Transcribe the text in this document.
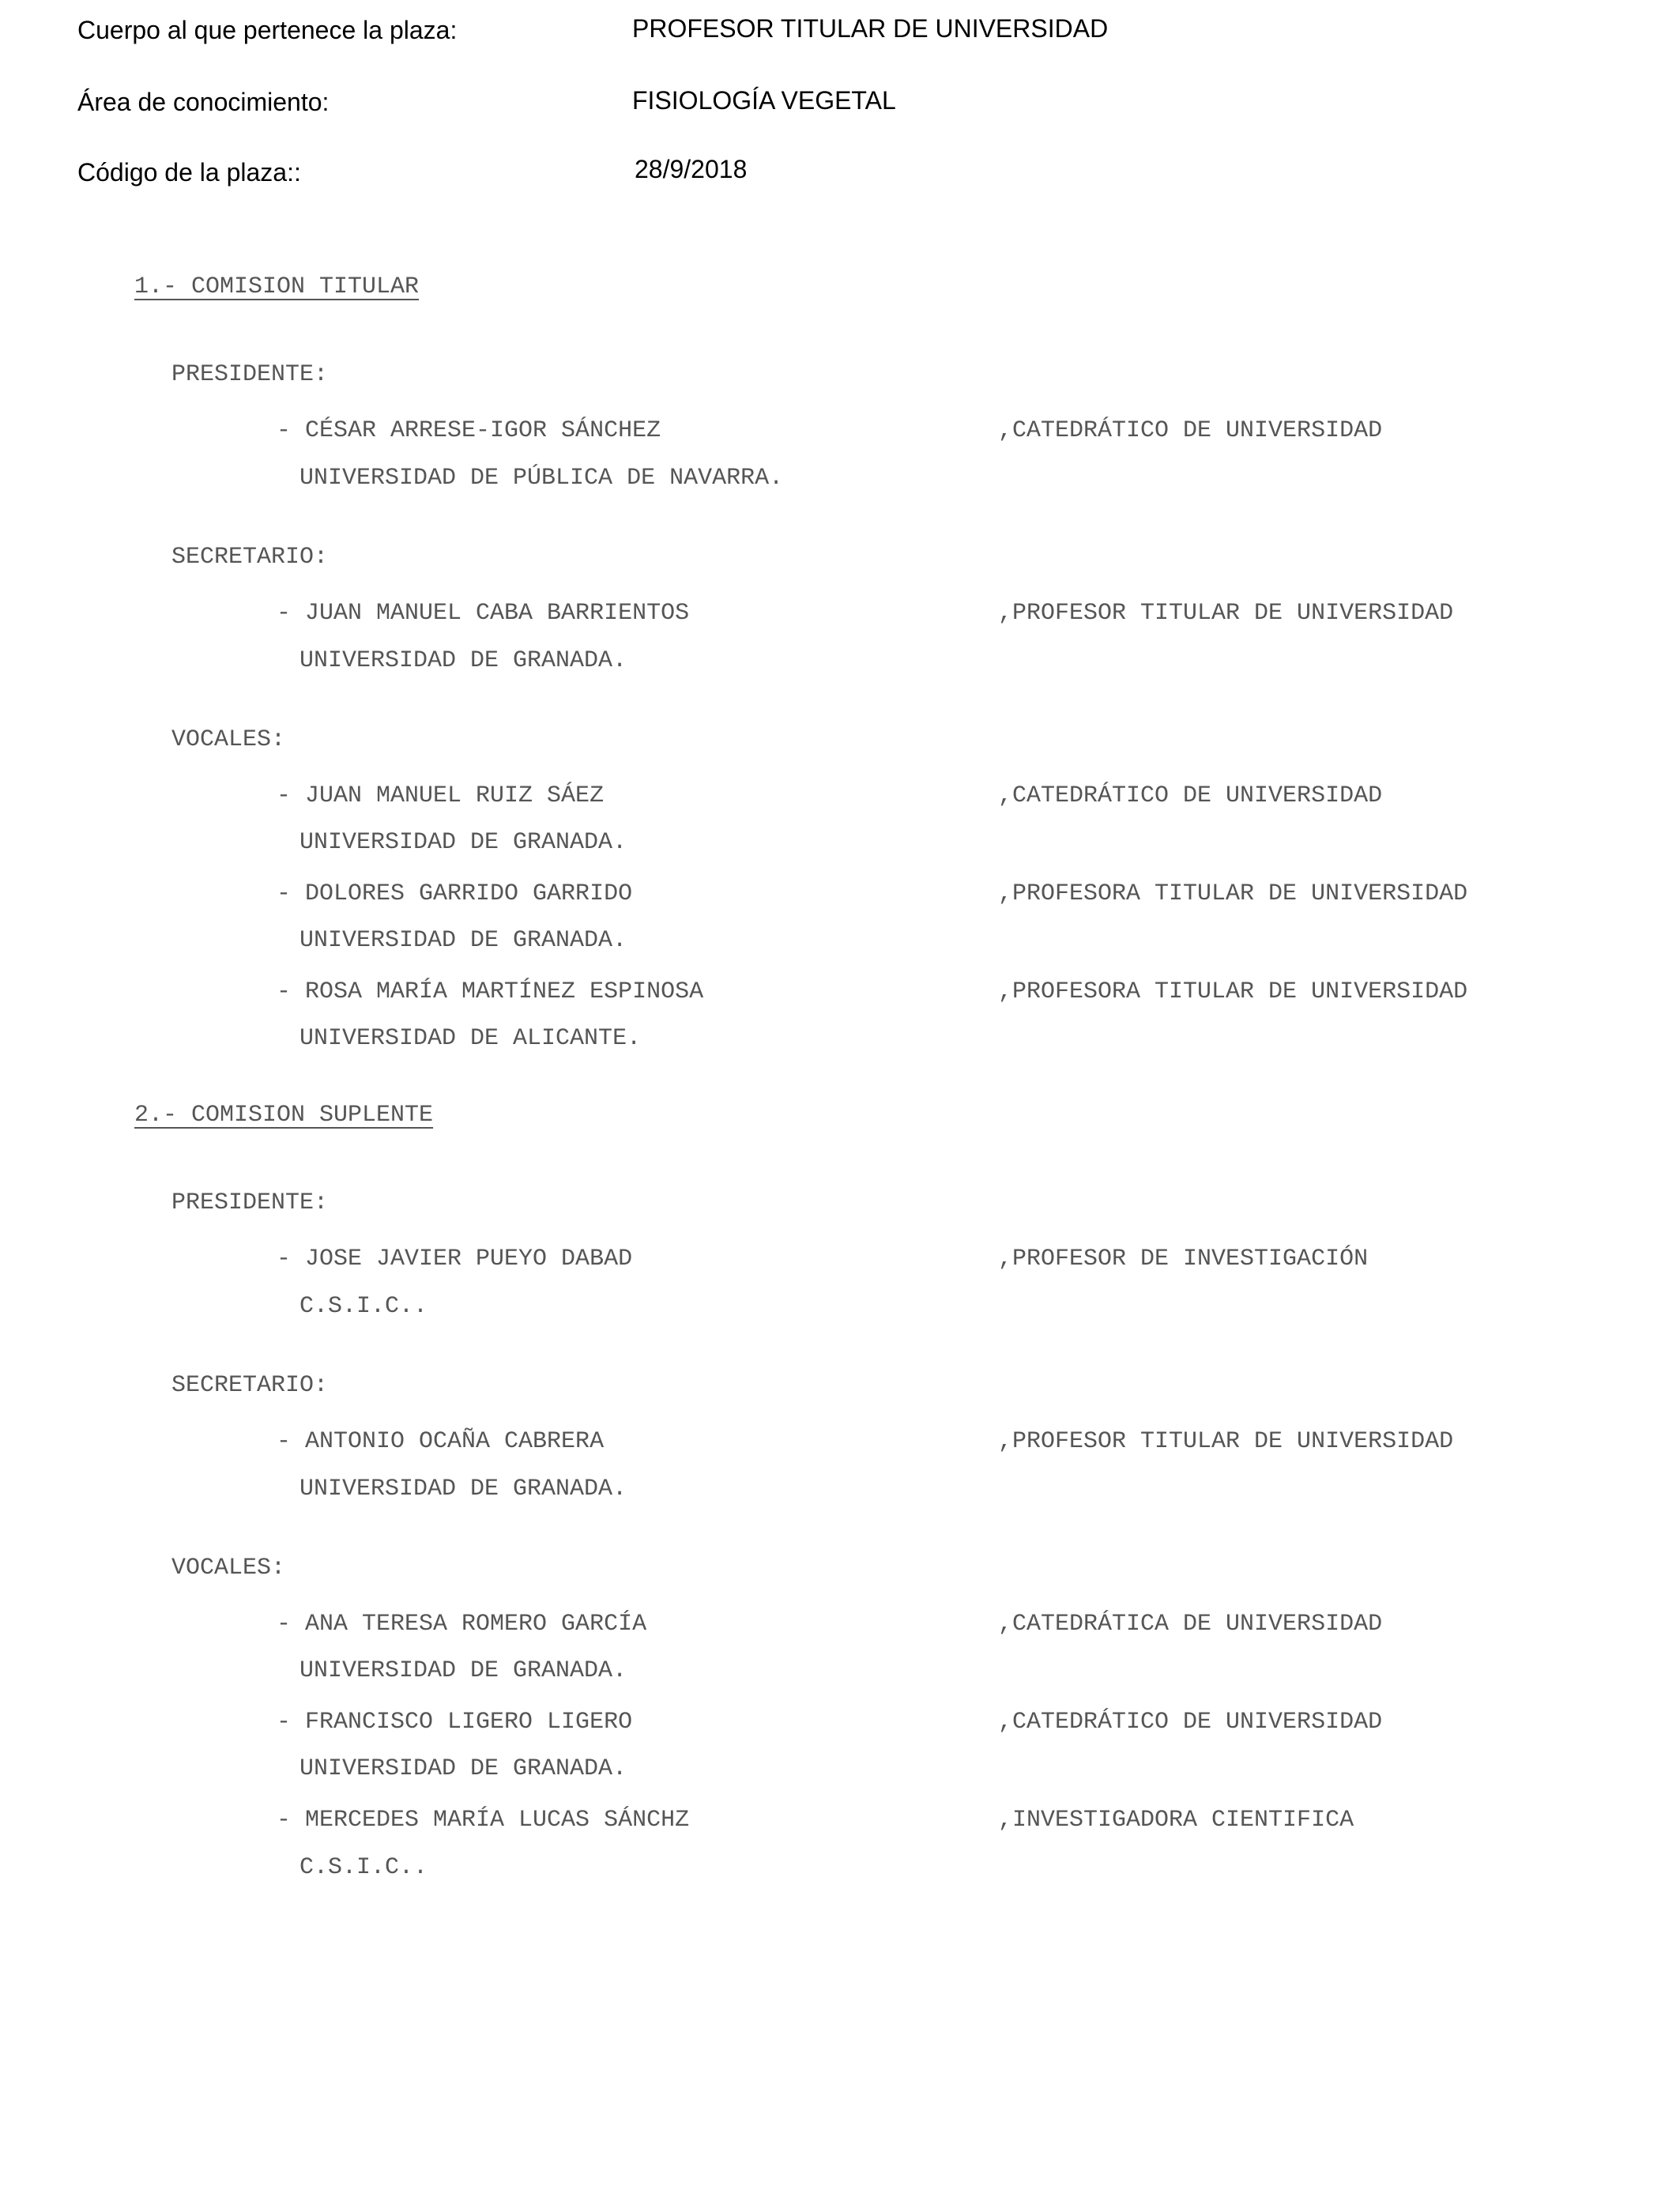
Cuerpo al que pertenece la plaza:	PROFESOR TITULAR DE UNIVERSIDAD
Área de conocimiento:	FISIOLOGÍA VEGETAL
Código de la plaza::	28/9/2018
1.- COMISION TITULAR
PRESIDENTE:
- CÉSAR ARRESE-IGOR SÁNCHEZ	,CATEDRÁTICO DE UNIVERSIDAD
UNIVERSIDAD DE PÚBLICA DE NAVARRA.
SECRETARIO:
- JUAN MANUEL CABA BARRIENTOS	,PROFESOR TITULAR DE UNIVERSIDAD
UNIVERSIDAD DE GRANADA.
VOCALES:
- JUAN MANUEL RUIZ SÁEZ	,CATEDRÁTICO DE UNIVERSIDAD
UNIVERSIDAD DE GRANADA.
- DOLORES GARRIDO GARRIDO	,PROFESORA TITULAR DE UNIVERSIDAD
UNIVERSIDAD DE GRANADA.
- ROSA MARÍA MARTÍNEZ ESPINOSA	,PROFESORA TITULAR DE UNIVERSIDAD
UNIVERSIDAD DE ALICANTE.
2.- COMISION SUPLENTE
PRESIDENTE:
- JOSE JAVIER PUEYO DABAD	,PROFESOR DE INVESTIGACIÓN
C.S.I.C..
SECRETARIO:
- ANTONIO OCAÑA CABRERA	,PROFESOR TITULAR DE UNIVERSIDAD
UNIVERSIDAD DE GRANADA.
VOCALES:
- ANA TERESA ROMERO GARCÍA	,CATEDRÁTICA DE UNIVERSIDAD
UNIVERSIDAD DE GRANADA.
- FRANCISCO LIGERO LIGERO	,CATEDRÁTICO DE UNIVERSIDAD
UNIVERSIDAD DE GRANADA.
- MERCEDES MARÍA LUCAS SÁNCHZ	,INVESTIGADORA CIENTIFICA
C.S.I.C..
